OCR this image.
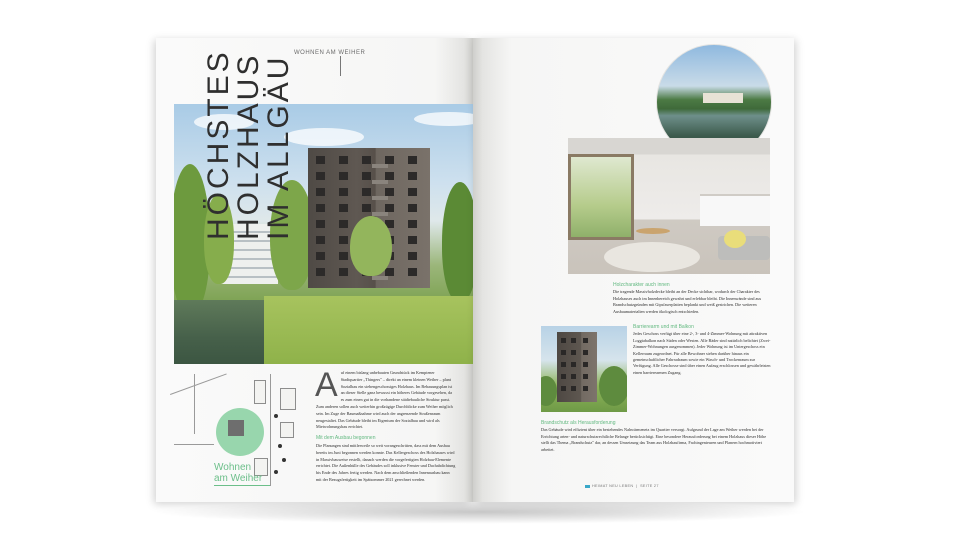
HÖCHSTES
HOLZHAUS
IM ALLGÄU
WOHNEN AM WEIHER
Wohnen
am Weiher

A uf einem bislang unbebauten Grundstück im Kemptener Stadtquartier „Thingers" – direkt an einem kleinen Weiher – plant Sozialbau ein siebengeschossiges Holzhaus. Im Bebauungsplan ist an dieser Stelle ganz bewusst ein höheres Gebäude vorgesehen, da es zum einen gut in die vorhandene städtebauliche Struktur passt. Zum anderen sollen auch weiterhin großzügige Durchblicke zum Weiher möglich sein. Im Zuge der Baumaßnahme wird auch der angrenzende Straßenraum neugestaltet. Das Gebäude bleibt im Eigentum der Sozialbau und wird als Mietwohnungsbau errichtet.

Mit dem Ausbau begonnen

Die Planungen sind mittlerweile so weit vorangeschritten, dass mit dem Ausbau bereits im Juni begonnen werden konnte. Das Kellergeschoss des Holzhauses wird in Massivbauweise erstellt, danach werden die vorgefertigten Holzbau-Elemente errichtet. Die Außenhülle des Gebäudes soll inklusive Fenster und Dachabdichtung bis Ende des Jahres fertig werden. Nach dem anschließenden Innenausbau kann mit der Bezugsfertigkeit im Spätsommer 2021 gerechnet werden.

Holzcharakter auch innen
Die tragende Massivholzdecke bleibt an der Decke sichtbar, wodurch der Charakter des Holzhauses auch im Innenbereich gewahrt und erlebbar bleibt. Die Innenwände sind aus Brandschutzgründen mit Gipsfaserplatten beplankt und weiß gestrichen. Die weiteren Ausbaumaterialien werden ökologisch entschieden.
Barrierearm und mit Balkon
Jedes Geschoss verfügt über eine 2-, 3- und 4-Zimmer-Wohnung mit attraktiven Loggiabalkon nach Süden oder Westen. Alle Bäder sind natürlich belichtet (Zwei-Zimmer-Wohnungen ausgenommen). Jeder Wohnung ist im Untergeschoss ein Kellerraum zugeordnet. Für alle Bewohner stehen darüber hinaus ein gemeinschaftlicher Fahrradraum sowie ein Wasch- und Trockenraum zur Verfügung. Alle Geschosse sind über einen Aufzug erschlossen und gewährleisten einen barrierearmen Zugang.
Brandschutz als Herausforderung
Das Gebäude wird effizient über ein bestehendes Nahwärmenetz im Quartier versorgt. Aufgrund der Lage am Weiher werden bei der Errichtung arten- und naturschutzrechtliche Belange berücksichtigt. Eine besondere Herausforderung bei einem Holzhaus dieser Höhe stellt das Thema „Brandschutz" dar, an dessen Umsetzung das Team aus Holzbaufirma, Fachingenieuren und Planern hochmotiviert arbeitet.
HEIMAT NEU LEBEN  |  SEITE 27
